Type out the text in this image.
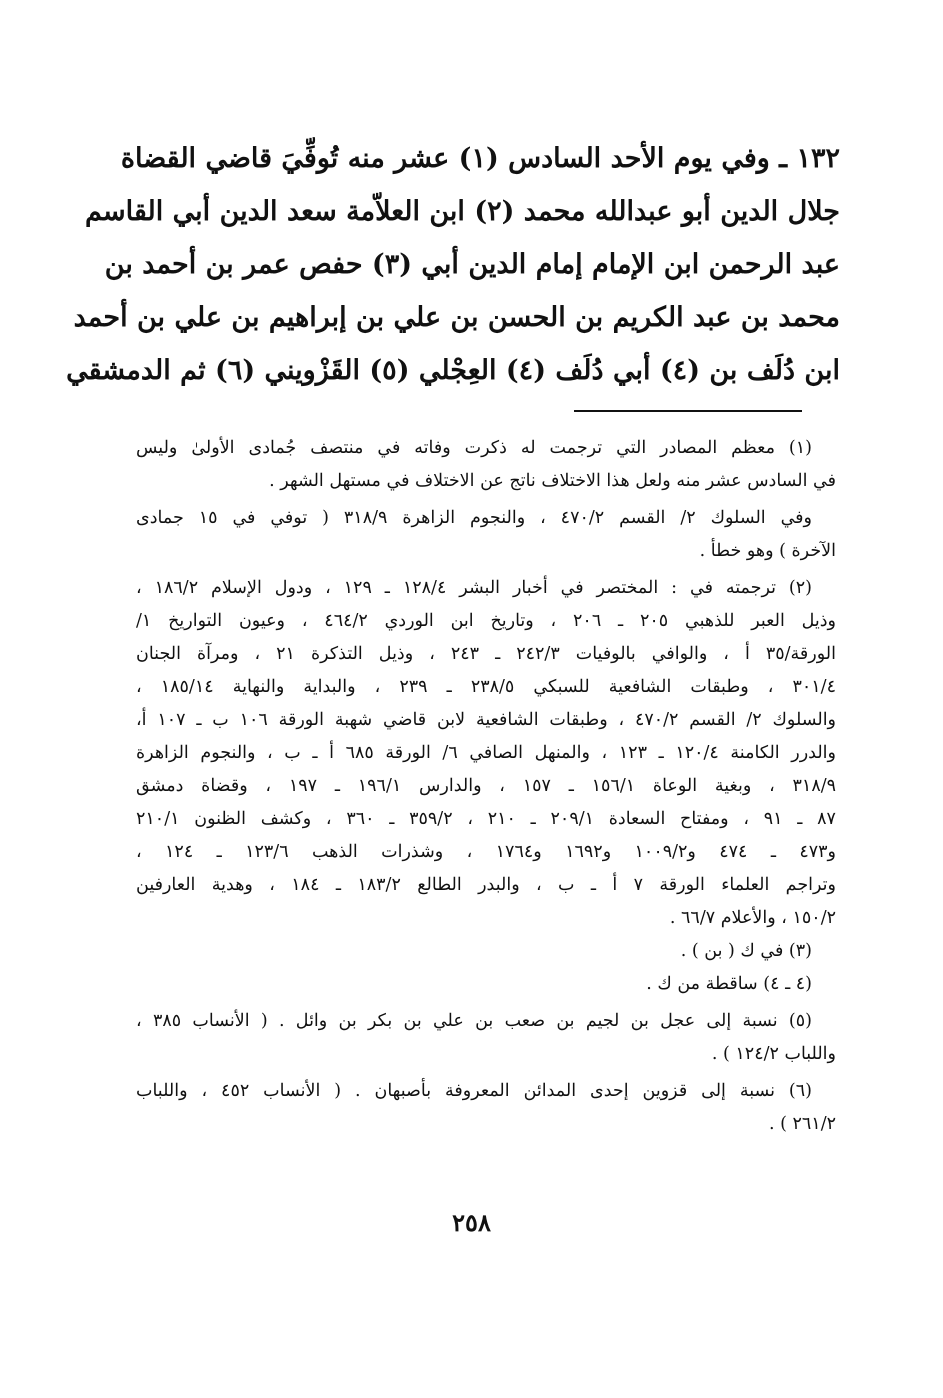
١٣٢ ـ وفي يوم الأحد السادس (١) عشر منه تُوفِّيَ قاضي القضاة
جلال الدين أبو عبدالله محمد (٢) ابن العلاّمة سعد الدين أبي القاسم
عبد الرحمن ابن الإمام إمام الدين أبي (٣) حفص عمر بن أحمد بن
محمد بن عبد الكريم بن الحسن بن علي بن إبراهيم بن علي بن أحمد
ابن دُلَف بن (٤) أبي دُلَف (٤) العِجْلي (٥) القَزْويني (٦) ثم الدمشقي
(١) معظم المصادر التي ترجمت له ذكرت وفاته في منتصف جُمادى الأولىٰ وليس
في السادس عشر منه ولعل هذا الاختلاف ناتج عن الاختلاف في مستهل الشهر .
وفي السلوك ٢/ القسم ٤٧٠/٢ ، والنجوم الزاهرة ٣١٨/٩ ( توفي في ١٥ جمادى
الآخرة ) وهو خطأ .
(٢) ترجمته في : المختصر في أخبار البشر ١٢٨/٤ ـ ١٢٩ ، ودول الإسلام ١٨٦/٢ ،
وذيل العبر للذهبي ٢٠٥ ـ ٢٠٦ ، وتاريخ ابن الوردي ٤٦٤/٢ ، وعيون التواريخ ١/
الورقة/٣٥ أ ، والوافي بالوفيات ٢٤٢/٣ ـ ٢٤٣ ، وذيل التذكرة ٢١ ، ومرآة الجنان
٣٠١/٤ ، وطبقات الشافعية للسبكي ٢٣٨/٥ ـ ٢٣٩ ، والبداية والنهاية ١٨٥/١٤ ،
والسلوك ٢/ القسم ٤٧٠/٢ ، وطبقات الشافعية لابن قاضي شهبة الورقة ١٠٦ ب ـ ١٠٧ أ،
والدرر الكامنة ١٢٠/٤ ـ ١٢٣ ، والمنهل الصافي ٦/ الورقة ٦٨٥ أ ـ ب ، والنجوم الزاهرة
٣١٨/٩ ، وبغية الوعاة ١٥٦/١ ـ ١٥٧ ، والدارس ١٩٦/١ ـ ١٩٧ ، وقضاة دمشق
٨٧ ـ ٩١ ، ومفتاح السعادة ٢٠٩/١ ـ ٢١٠ ، ٣٥٩/٢ ـ ٣٦٠ ، وكشف الظنون ٢١٠/١
و٤٧٣ ـ ٤٧٤ و١٠٠٩/٢ و١٦٩٢ و١٧٦٤ ، وشذرات الذهب ١٢٣/٦ ـ ١٢٤ ،
وتراجم العلماء الورقة ٧ أ ـ ب ، والبدر الطالع ١٨٣/٢ ـ ١٨٤ ، وهدية العارفين
١٥٠/٢ ، والأعلام ٦٦/٧ .
(٣) في ك ( بن ) .
(٤ ـ ٤) ساقطة من ك .
(٥) نسبة إلى عجل بن لجيم بن صعب بن علي بن بكر بن وائل . ( الأنساب ٣٨٥ ،
واللباب ١٢٤/٢ ) .
(٦) نسبة إلى قزوين إحدى المدائن المعروفة بأصبهان . ( الأنساب ٤٥٢ ، واللباب
٢٦١/٢ ) .
٢٥٨
